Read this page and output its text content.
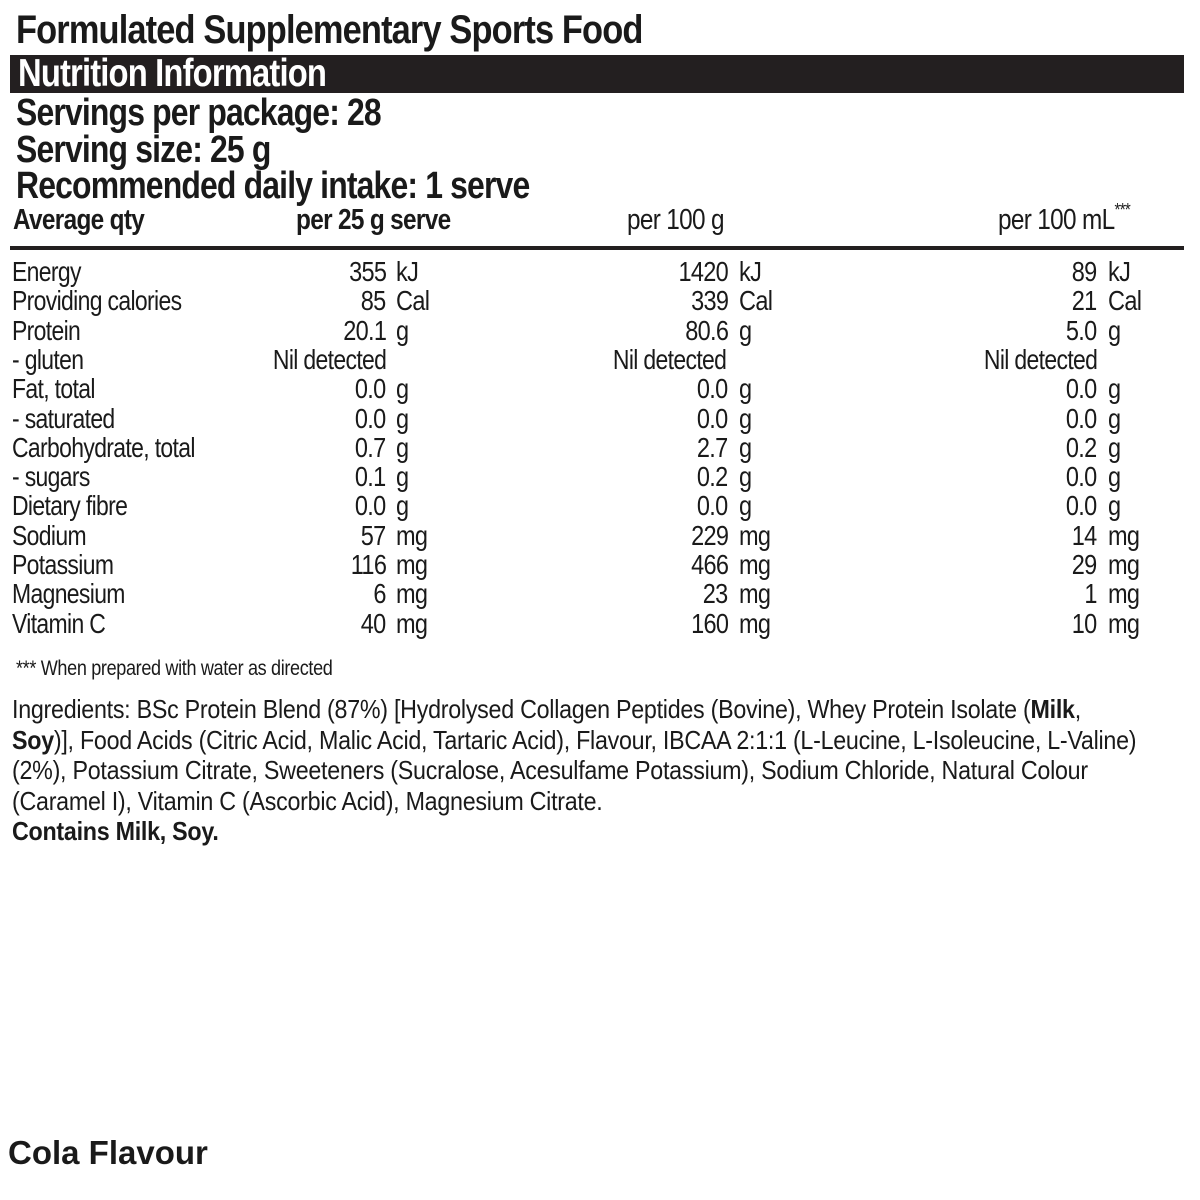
Formulated Supplementary Sports Food
Nutrition Information
Servings per package: 28
Serving size: 25 g
Recommended daily intake: 1 serve
Average qty	per 25 g serve	per 100 g	per 100 mL***
Energy	355 kJ	1420 kJ	89 kJ
Providing calories	85 Cal	339 Cal	21 Cal
Protein	20.1 g	80.6 g	5.0 g
- gluten	Nil detected	Nil detected	Nil detected
Fat, total	0.0 g	0.0 g	0.0 g
- saturated	0.0 g	0.0 g	0.0 g
Carbohydrate, total	0.7 g	2.7 g	0.2 g
- sugars	0.1 g	0.2 g	0.0 g
Dietary fibre	0.0 g	0.0 g	0.0 g
Sodium	57 mg	229 mg	14 mg
Potassium	116 mg	466 mg	29 mg
Magnesium	6 mg	23 mg	1 mg
Vitamin C	40 mg	160 mg	10 mg
*** When prepared with water as directed
Ingredients: BSc Protein Blend (87%) [Hydrolysed Collagen Peptides (Bovine), Whey Protein Isolate (Milk, Soy)], Food Acids (Citric Acid, Malic Acid, Tartaric Acid), Flavour, IBCAA 2:1:1 (L-Leucine, L-Isoleucine, L-Valine) (2%), Potassium Citrate, Sweeteners (Sucralose, Acesulfame Potassium), Sodium Chloride, Natural Colour (Caramel I), Vitamin C (Ascorbic Acid), Magnesium Citrate.
Contains Milk, Soy.
Cola Flavour
